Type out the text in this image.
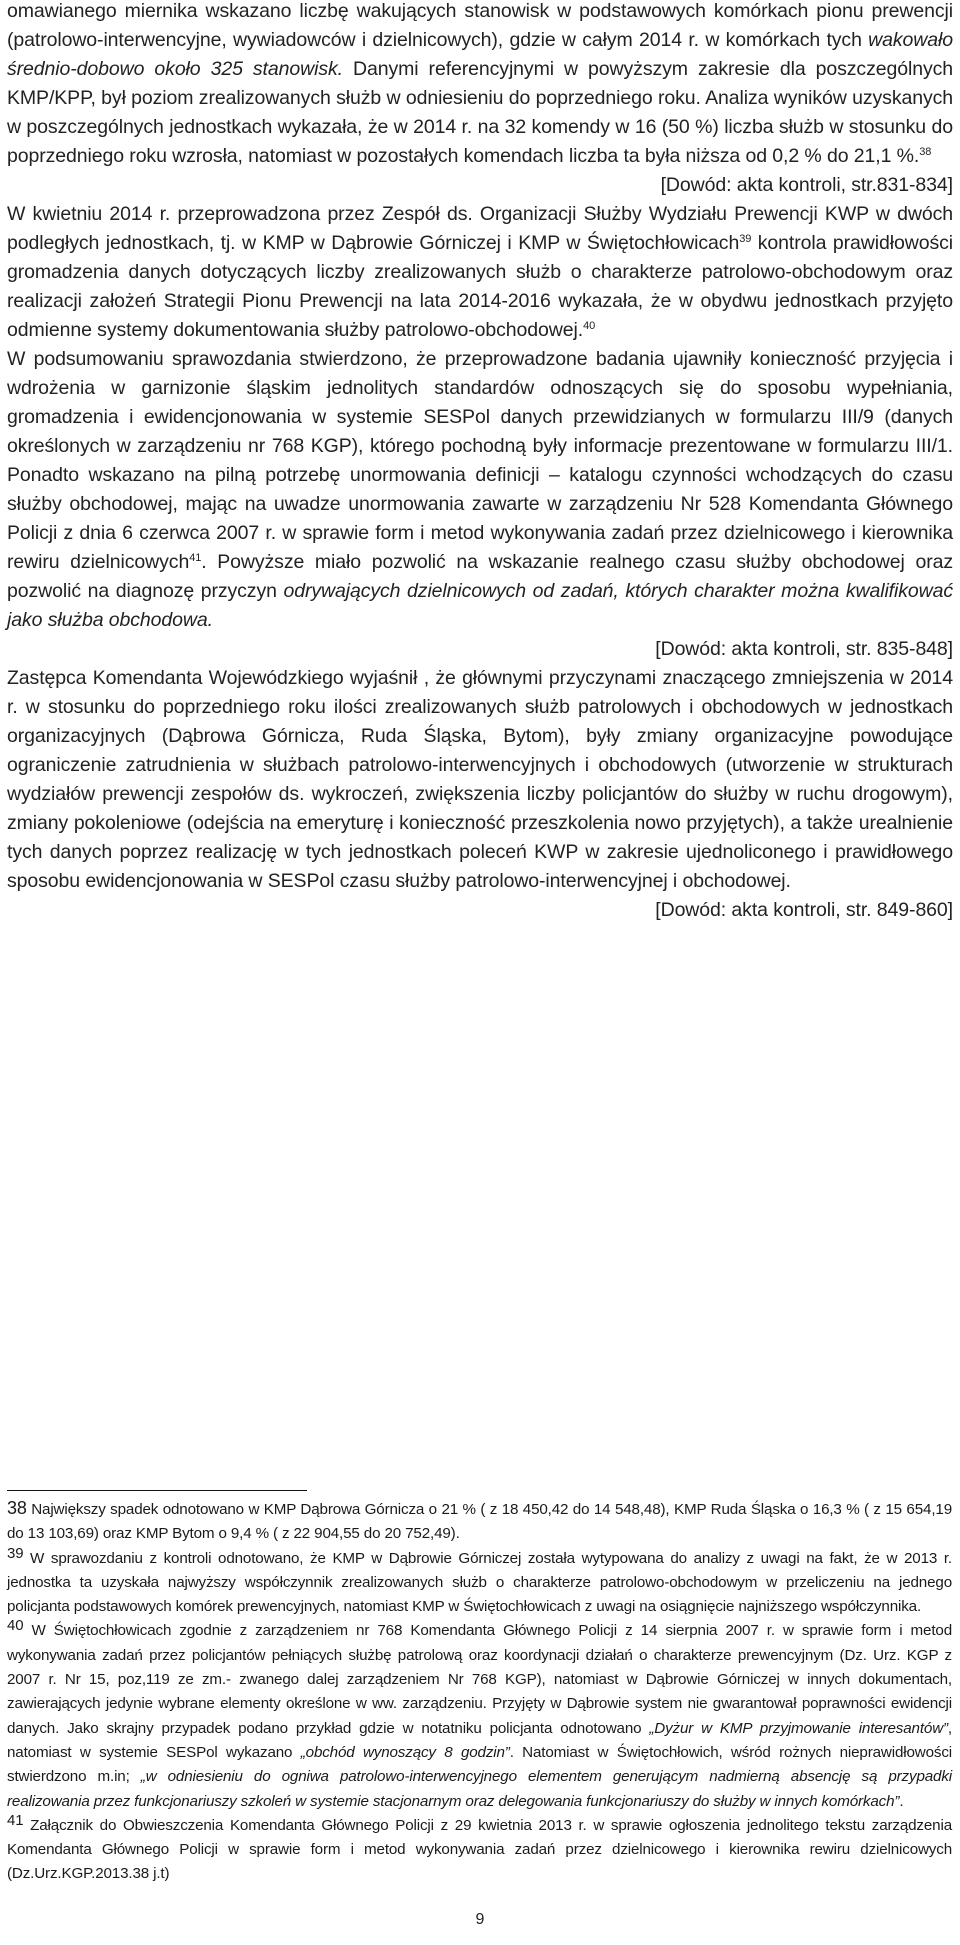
omawianego miernika wskazano liczbę wakujących stanowisk w podstawowych komórkach pionu prewencji (patrolowo-interwencyjne, wywiadowców i dzielnicowych), gdzie w całym 2014 r. w komórkach tych wakowało średnio-dobowo około 325 stanowisk. Danymi referencyjnymi w powyższym zakresie dla poszczególnych KMP/KPP, był poziom zrealizowanych służb w odniesieniu do poprzedniego roku. Analiza wyników uzyskanych w poszczególnych jednostkach wykazała, że w 2014 r. na 32 komendy w 16 (50 %) liczba służb w stosunku do poprzedniego roku wzrosła, natomiast w pozostałych komendach liczba ta była niższa od 0,2 % do 21,1 %.$^{38}$

[Dowód: akta kontroli, str.831-834]

W kwietniu 2014 r. przeprowadzona przez Zespół ds. Organizacji Służby Wydziału Prewencji KWP w dwóch podległych jednostkach, tj. w KMP w Dąbrowie Górniczej i KMP w Świętochłowicach$^{39}$ kontrola prawidłowości gromadzenia danych dotyczących liczby zrealizowanych służb o charakterze patrolowo-obchodowym oraz realizacji założeń Strategii Pionu Prewencji na lata 2014-2016 wykazała, że w obydwu jednostkach przyjęto odmienne systemy dokumentowania służby patrolowo-obchodowej.$^{40}$

W podsumowaniu sprawozdania stwierdzono, że przeprowadzone badania ujawniły konieczność przyjęcia i wdrożenia w garnizonie śląskim jednolitych standardów odnoszących się do sposobu wypełniania, gromadzenia i ewidencjonowania w systemie SESPol danych przewidzianych w formularzu III/9 (danych określonych w zarządzeniu nr 768 KGP), którego pochodną były informacje prezentowane w formularzu III/1. Ponadto wskazano na pilną potrzebę unormowania definicji – katalogu czynności wchodzących do czasu służby obchodowej, mając na uwadze unormowania zawarte w zarządzeniu Nr 528 Komendanta Głównego Policji z dnia 6 czerwca 2007 r. w sprawie form i metod wykonywania zadań przez dzielnicowego i kierownika rewiru dzielnicowych$^{41}$. Powyższe miało pozwolić na wskazanie realnego czasu służby obchodowej oraz pozwolić na diagnozę przyczyn odrywających dzielnicowych od zadań, których charakter można kwalifikować jako służba obchodowa.

[Dowód: akta kontroli, str. 835-848]

Zastępca Komendanta Wojewódzkiego wyjaśnił , że głównymi przyczynami znaczącego zmniejszenia w 2014 r. w stosunku do poprzedniego roku ilości zrealizowanych służb patrolowych i obchodowych w jednostkach organizacyjnych (Dąbrowa Górnicza, Ruda Śląska, Bytom), były zmiany organizacyjne powodujące ograniczenie zatrudnienia w służbach patrolowo-interwencyjnych i obchodowych (utworzenie w strukturach wydziałów prewencji zespołów ds. wykroczeń, zwiększenia liczby policjantów do służby w ruchu drogowym), zmiany pokoleniowe (odejścia na emeryturę i konieczność przeszkolenia nowo przyjętych), a także urealnienie tych danych poprzez realizację w tych jednostkach poleceń KWP w zakresie ujednoliconego i prawidłowego sposobu ewidencjonowania w SESPol czasu służby patrolowo-interwencyjnej i obchodowej.

[Dowód: akta kontroli, str. 849-860]

38 Największy spadek odnotowano w KMP Dąbrowa Górnicza o 21 % ( z 18 450,42 do 14 548,48), KMP Ruda Śląska o 16,3 % ( z 15 654,19 do 13 103,69) oraz KMP Bytom o 9,4 % ( z 22 904,55 do 20 752,49).

39 W sprawozdaniu z kontroli odnotowano, że KMP w Dąbrowie Górniczej została wytypowana do analizy z uwagi na fakt, że w 2013 r. jednostka ta uzyskała najwyższy współczynnik zrealizowanych służb o charakterze patrolowo-obchodowym w przeliczeniu na jednego policjanta podstawowych komórek prewencyjnych, natomiast KMP w Świętochłowicach z uwagi na osiągnięcie najniższego współczynnika.

40 W Świętochłowicach zgodnie z zarządzeniem nr 768 Komendanta Głównego Policji z 14 sierpnia 2007 r. w sprawie form i metod wykonywania zadań przez policjantów pełniących służbę patrolową oraz koordynacji działań o charakterze prewencyjnym (Dz. Urz. KGP z 2007 r. Nr 15, poz,119 ze zm.- zwanego dalej zarządzeniem Nr 768 KGP), natomiast w Dąbrowie Górniczej w innych dokumentach, zawierających jedynie wybrane elementy określone w ww. zarządzeniu. Przyjęty w Dąbrowie system nie gwarantował poprawności ewidencji danych. Jako skrajny przypadek podano przykład gdzie w notatniku policjanta odnotowano „Dyżur w KMP przyjmowanie interesantów”, natomiast w systemie SESPol wykazano „obchód wynoszący 8 godzin”. Natomiast w Świętochłowich, wśród rożnych nieprawidłowości stwierdzono m.in; „w odniesieniu do ogniwa patrolowo-interwencyjnego elementem generującym nadmierną absencję są przypadki realizowania przez funkcjonariuszy szkoleń w systemie stacjonarnym oraz delegowania funkcjonariuszy do służby w innych komórkach”.

41 Załącznik do Obwieszczenia Komendanta Głównego Policji z 29 kwietnia 2013 r. w sprawie ogłoszenia jednolitego tekstu zarządzenia Komendanta Głównego Policji w sprawie form i metod wykonywania zadań przez dzielnicowego i kierownika rewiru dzielnicowych (Dz.Urz.KGP.2013.38 j.t)

9
